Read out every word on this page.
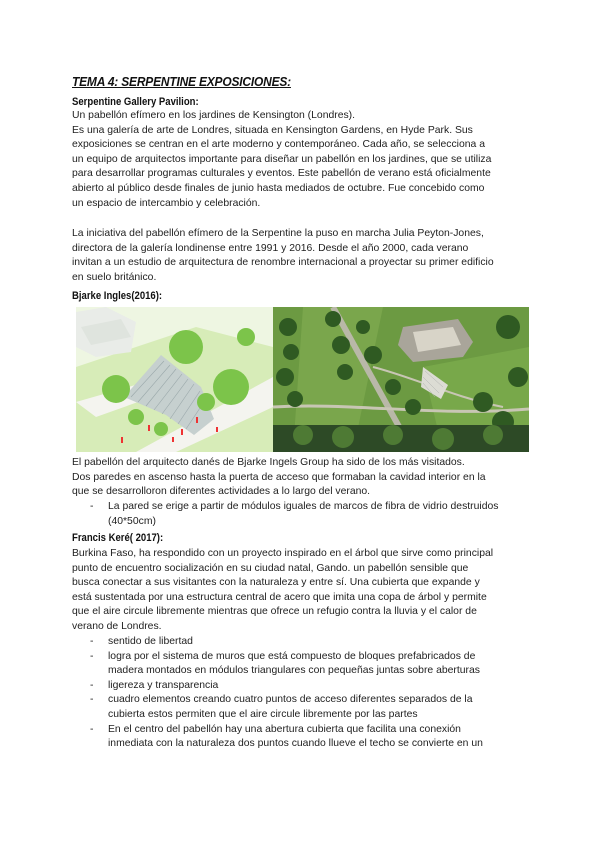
TEMA 4: SERPENTINE EXPOSICIONES:
Serpentine Gallery Pavilion:
Un pabellón efímero en los jardines de Kensington (Londres).
Es una galería de arte de Londres, situada en Kensington Gardens, en Hyde Park. Sus
exposiciones se centran en el arte moderno y contemporáneo. Cada año, se selecciona a
un equipo de arquitectos importante para diseñar un pabellón en los jardines, que se utiliza
para desarrollar programas culturales y eventos. Este pabellón de verano está oficialmente
abierto al público desde finales de junio hasta mediados de octubre. Fue concebido como
un espacio de intercambio y celebración.
La iniciativa del pabellón efímero de la Serpentine la puso en marcha Julia Peyton-Jones,
directora de la galería londinense entre 1991 y 2016. Desde el año 2000, cada verano
invitan a un estudio de arquitectura de renombre internacional a proyectar su primer edificio
en suelo británico.
Bjarke Ingles(2016):
El pabellón del arquitecto danés de Bjarke Ingels Group ha sido de los más visitados.
Dos paredes en ascenso hasta la puerta de acceso que formaban la cavidad interior en la
que se desarrolloron diferentes actividades a lo largo del verano.
- La pared se erige a partir de módulos iguales de marcos de fibra de vidrio destruidos
(40*50cm)
Francis Keré( 2017):
Burkina Faso, ha respondido con un proyecto inspirado en el árbol que sirve como principal
punto de encuentro socialización en su ciudad natal, Gando. un pabellón sensible que
busca conectar a sus visitantes con la naturaleza y entre sí. Una cubierta que expande y
está sustentada por una estructura central de acero que imita una copa de árbol y permite
que el aire circule libremente mientras que ofrece un refugio contra la lluvia y el calor de
verano de Londres.
- sentido de libertad
- logra por el sistema de muros que está compuesto de bloques prefabricados de
madera montados en módulos triangulares con pequeñas juntas sobre aberturas
- ligereza y transparencia
- cuadro elementos creando cuatro puntos de acceso diferentes separados de la
cubierta estos permiten que el aire circule libremente por las partes
- En el centro del pabellón hay una abertura cubierta que facilita una conexión
inmediata con la naturaleza dos puntos cuando llueve el techo se convierte en un
